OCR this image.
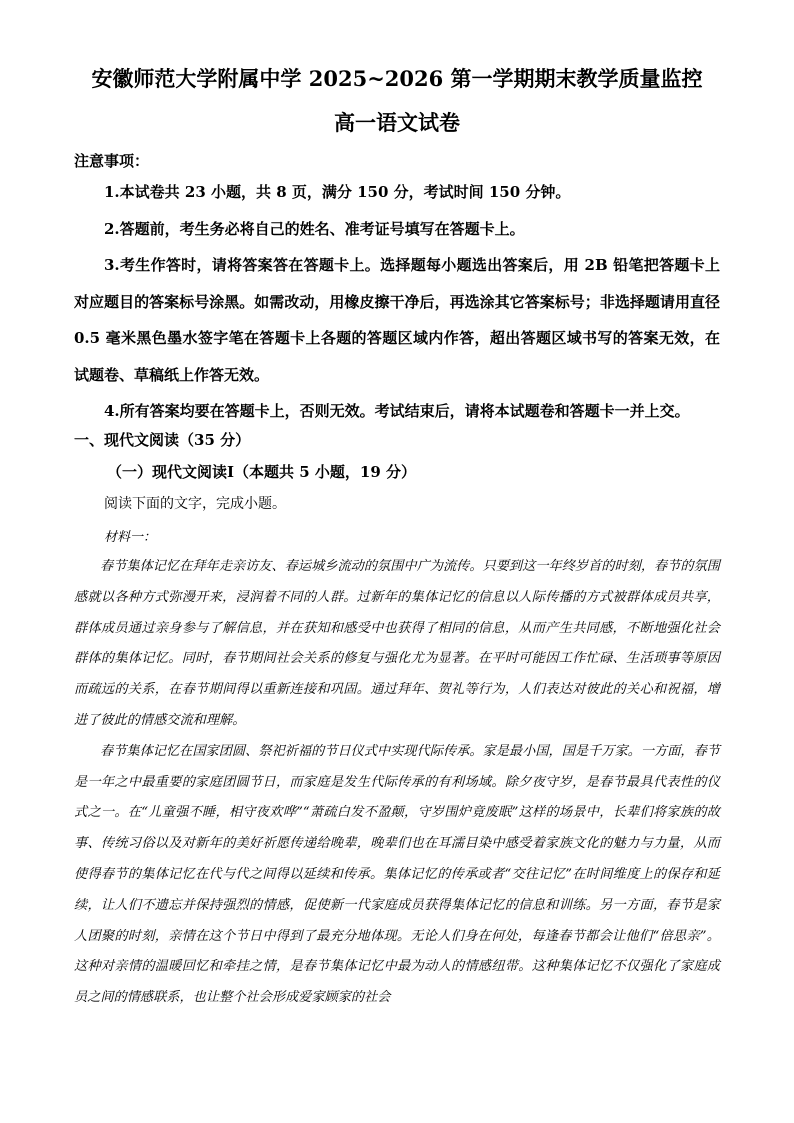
安徽师范大学附属中学 2025~2026 第一学期期末教学质量监控
高一语文试卷
注意事项：

1.本试卷共 23 小题，共 8 页，满分 150 分，考试时间 150 分钟。

2.答题前，考生务必将自己的姓名、准考证号填写在答题卡上。

3.考生作答时，请将答案答在答题卡上。选择题每小题选出答案后，用 2B 铅笔把答题卡上对应题目的答案标号涂黑。如需改动，用橡皮擦干净后，再选涂其它答案标号；非选择题请用直径 0.5 毫米黑色墨水签字笔在答题卡上各题的答题区域内作答，超出答题区域书写的答案无效，在试题卷、草稿纸上作答无效。

4.所有答案均要在答题卡上，否则无效。考试结束后，请将本试题卷和答题卡一并上交。

一、现代文阅读（35 分）
（一）现代文阅读Ⅰ（本题共 5 小题，19 分）
阅读下面的文字，完成小题。
材料一：

春节集体记忆在拜年走亲访友、春运城乡流动的氛围中广为流传。只要到这一年终岁首的时刻，春节的氛围感就以各种方式弥漫开来，浸润着不同的人群。过新年的集体记忆的信息以人际传播的方式被群体成员共享，群体成员通过亲身参与了解信息，并在获知和感受中也获得了相同的信息，从而产生共同感，不断地强化社会群体的集体记忆。同时，春节期间社会关系的修复与强化尤为显著。在平时可能因工作忙碌、生活琐事等原因而疏远的关系，在春节期间得以重新连接和巩固。通过拜年、贺礼等行为，人们表达对彼此的关心和祝福，增进了彼此的情感交流和理解。

春节集体记忆在国家团圆、祭祀祈福的节日仪式中实现代际传承。家是最小国，国是千万家。一方面，春节是一年之中最重要的家庭团圆节日，而家庭是发生代际传承的有利场域。除夕夜守岁，是春节最具代表性的仪式之一。在“儿童强不睡，相守夜欢哗”“萧疏白发不盈颠，守岁围炉竟废眠”这样的场景中，长辈们将家族的故事、传统习俗以及对新年的美好祈愿传递给晚辈，晚辈们也在耳濡目染中感受着家族文化的魅力与力量，从而使得春节的集体记忆在代与代之间得以延续和传承。集体记忆的传承或者“交往记忆”在时间维度上的保存和延续，让人们不遗忘并保持强烈的情感，促使新一代家庭成员获得集体记忆的信息和训练。另一方面，春节是家人团聚的时刻，亲情在这个节日中得到了最充分地体现。无论人们身在何处，每逢春节都会让他们“倍思亲”。这种对亲情的温暖回忆和牵挂之情，是春节集体记忆中最为动人的情感纽带。这种集体记忆不仅强化了家庭成员之间的情感联系，也让整个社会形成爱家顾家的社会
